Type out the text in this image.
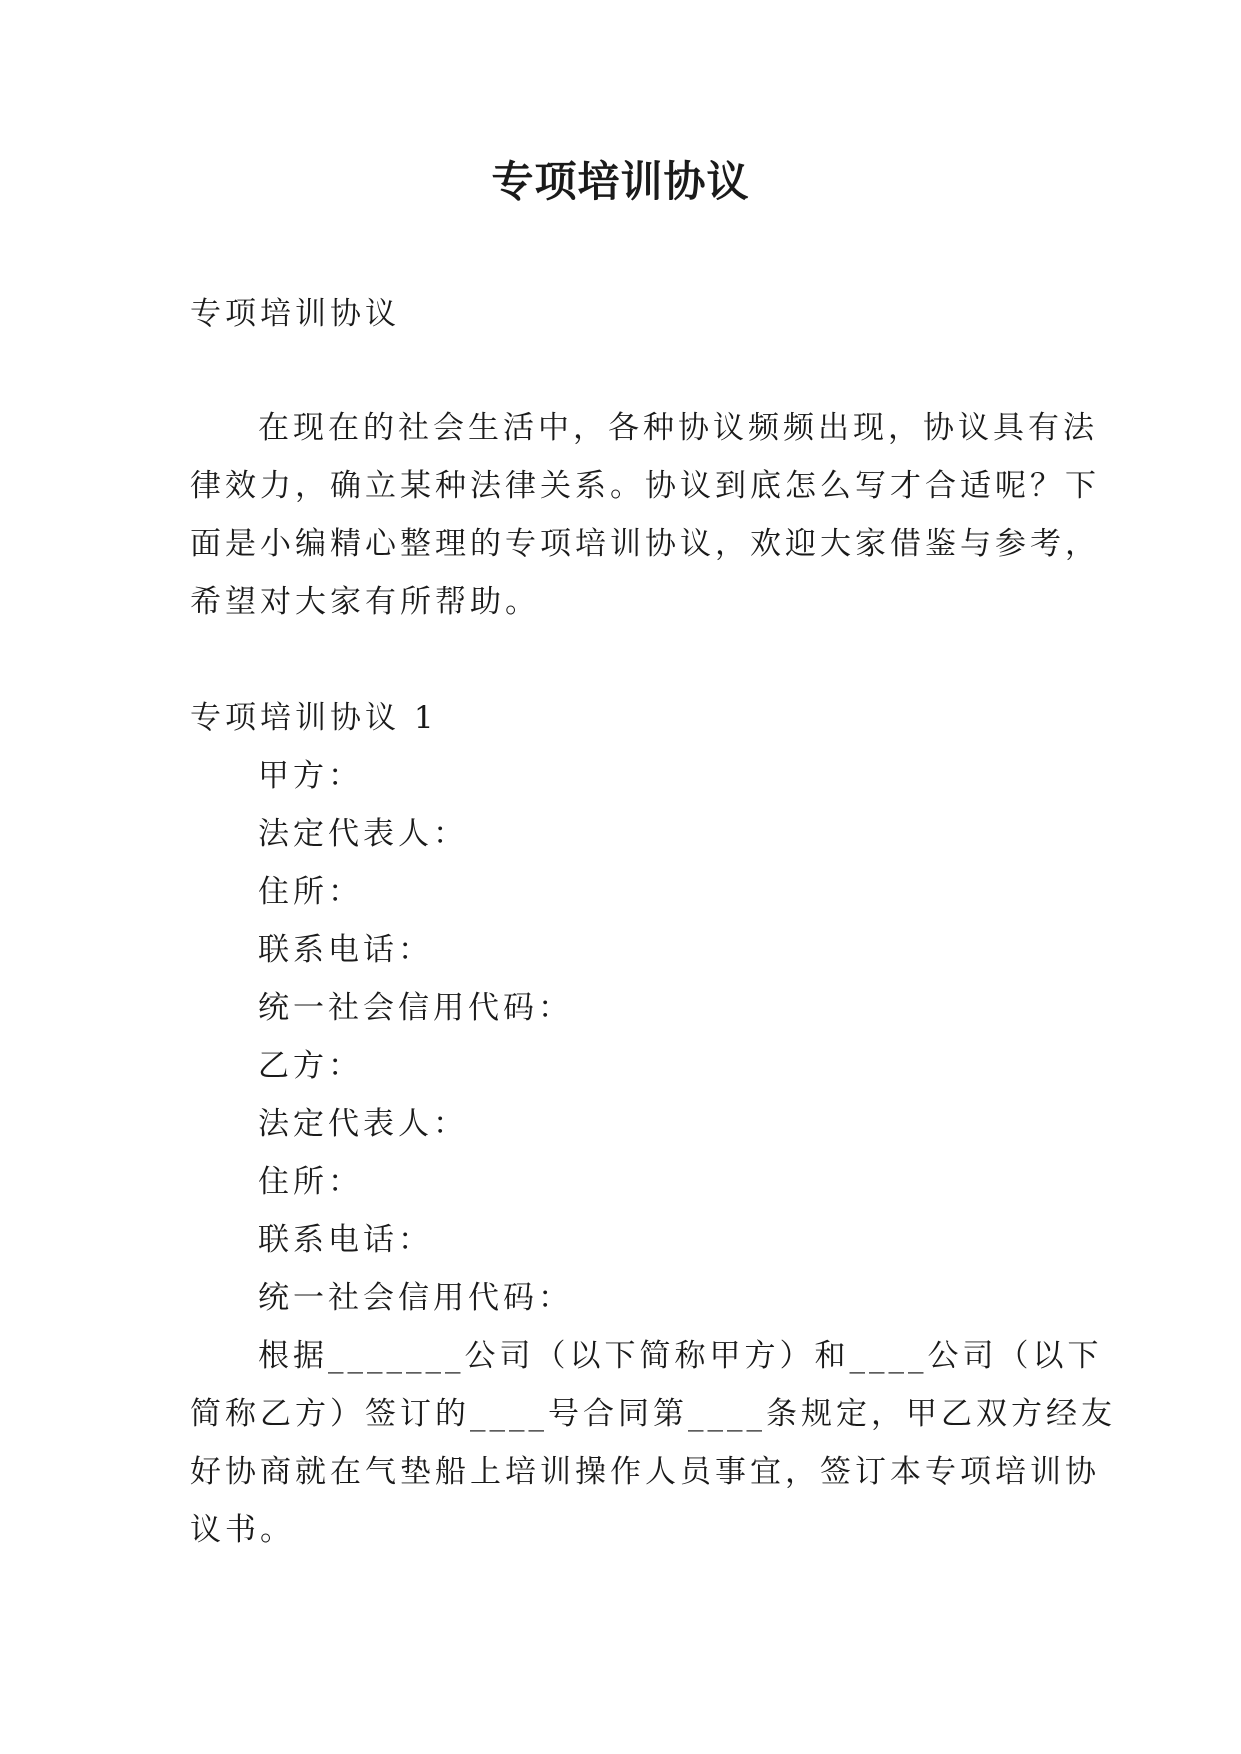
专项培训协议
专项培训协议
在现在的社会生活中，各种协议频频出现，协议具有法
律效力，确立某种法律关系。协议到底怎么写才合适呢？下
面是小编精心整理的专项培训协议，欢迎大家借鉴与参考，
希望对大家有所帮助。
专项培训协议 1
甲方：
法定代表人：
住所：
联系电话：
统一社会信用代码：
乙方：
法定代表人：
住所：
联系电话：
统一社会信用代码：
根据_______公司（以下简称甲方）和____公司（以下
简称乙方）签订的____号合同第____条规定，甲乙双方经友
好协商就在气垫船上培训操作人员事宜，签订本专项培训协
议书。
